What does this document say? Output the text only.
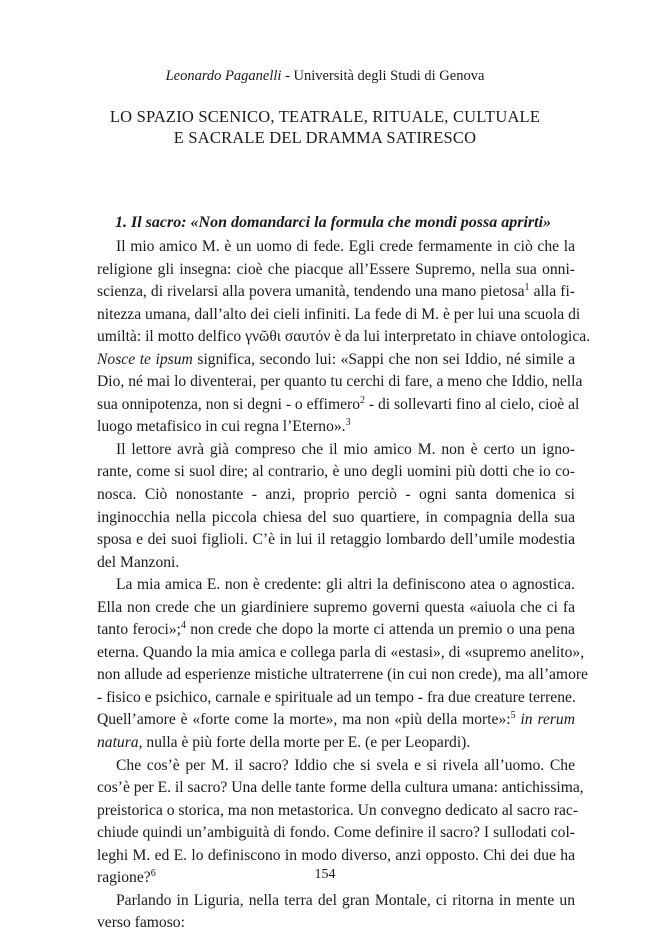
Leonardo Paganelli - Università degli Studi di Genova
LO SPAZIO SCENICO, TEATRALE, RITUALE, CULTUALE
E SACRALE DEL DRAMMA SATIRESCO
1. Il sacro: «Non domandarci la formula che mondi possa aprirti»
Il mio amico M. è un uomo di fede. Egli crede fermamente in ciò che la
religione gli insegna: cioè che piacque all’Essere Supremo, nella sua onni-
scienza, di rivelarsi alla povera umanità, tendendo una mano pietosa$^1$ alla fi-
nitezza umana, dall’alto dei cieli infiniti. La fede di M. è per lui una scuola di
umiltà: il motto delfico γνῶθι σαυτόν è da lui interpretato in chiave ontologica.
Nosce te ipsum significa, secondo lui: «Sappi che non sei Iddio, né simile a
Dio, né mai lo diventerai, per quanto tu cerchi di fare, a meno che Iddio, nella
sua onnipotenza, non si degni - o effimero$^2$ - di sollevarti fino al cielo, cioè al
luogo metafisico in cui regna l’Eterno».$^3$
Il lettore avrà già compreso che il mio amico M. non è certo un igno-
rante, come si suol dire; al contrario, è uno degli uomini più dotti che io co-
nosca. Ciò nonostante - anzi, proprio perciò - ogni santa domenica si
inginocchia nella piccola chiesa del suo quartiere, in compagnia della sua
sposa e dei suoi figlioli. C’è in lui il retaggio lombardo dell’umile modestia
del Manzoni.
La mia amica E. non è credente: gli altri la definiscono atea o agnostica.
Ella non crede che un giardiniere supremo governi questa «aiuola che ci fa
tanto feroci»;$^4$ non crede che dopo la morte ci attenda un premio o una pena
eterna. Quando la mia amica e collega parla di «estasi», di «supremo anelito»,
non allude ad esperienze mistiche ultraterrene (in cui non crede), ma all’amore
- fisico e psichico, carnale e spirituale ad un tempo - fra due creature terrene.
Quell’amore è «forte come la morte», ma non «più della morte»:$^5$ in rerum
natura, nulla è più forte della morte per E. (e per Leopardi).
Che cos’è per M. il sacro? Iddio che si svela e si rivela all’uomo. Che
cos’è per E. il sacro? Una delle tante forme della cultura umana: antichissima,
preistorica o storica, ma non metastorica. Un convegno dedicato al sacro rac-
chiude quindi un’ambiguità di fondo. Come definire il sacro? I sullodati col-
leghi M. ed E. lo definiscono in modo diverso, anzi opposto. Chi dei due ha
ragione?$^6$
Parlando in Liguria, nella terra del gran Montale, ci ritorna in mente un
verso famoso:
154
